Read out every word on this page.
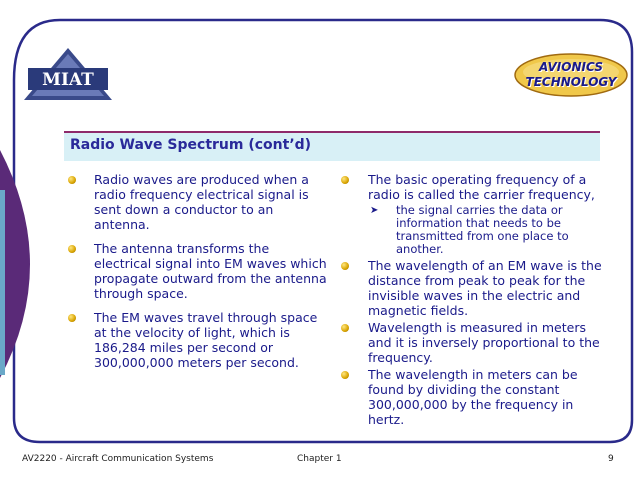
MIAT
AVIONICS
TECHNOLOGY
Radio Wave Spectrum (cont’d)
Radio waves are produced when a radio frequency electrical signal is sent down a conductor to an antenna.
The antenna transforms the electrical signal into EM waves which propagate outward from the antenna through space.
The EM waves travel through space at the velocity of light, which is 186,284 miles per second or 300,000,000 meters per second.
The basic operating frequency of a radio is called the carrier frequency,
➤ the signal carries the data or information that needs to be transmitted from one place to another.
The wavelength of an EM wave is the distance from peak to peak for the invisible waves in the electric and magnetic fields.
Wavelength is measured in meters and it is inversely proportional to the frequency.
The wavelength in meters can be found by dividing the constant 300,000,000 by the frequency in hertz.
AV2220 - Aircraft Communication Systems	Chapter 1	9
